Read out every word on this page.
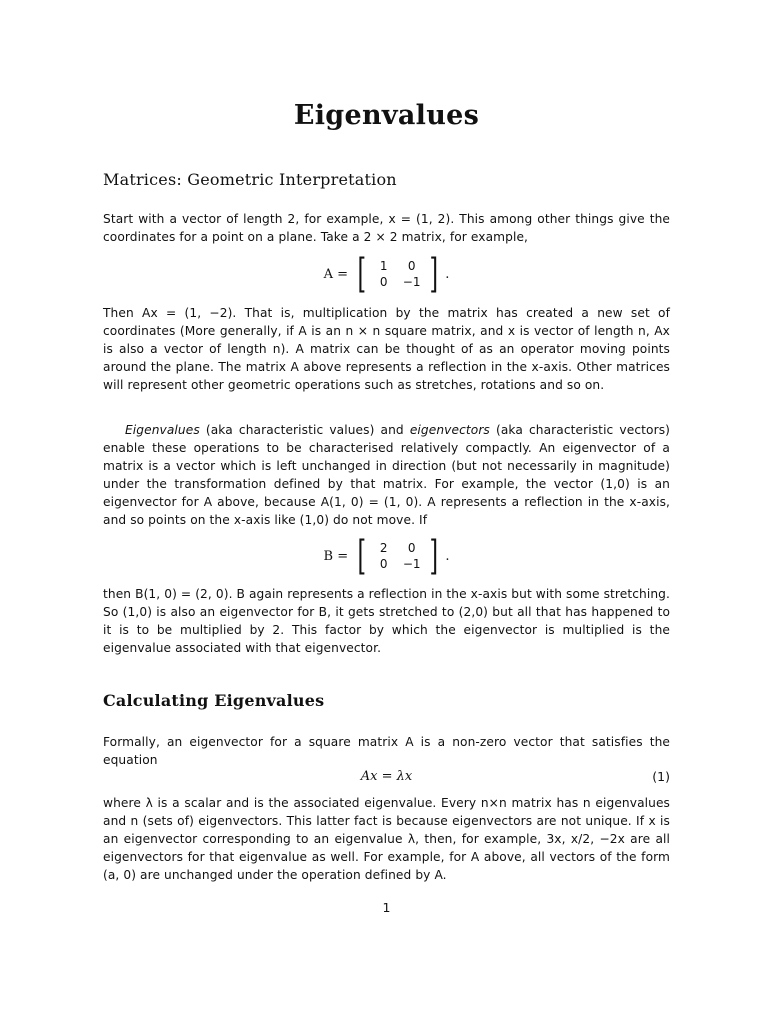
Eigenvalues
Matrices: Geometric Interpretation

Start with a vector of length 2, for example, x = (1, 2). This among other things give the coordinates for a point on a plane. Take a 2 × 2 matrix, for example,

A = [	1	0
0	−1 ] .

Then Ax = (1, −2). That is, multiplication by the matrix has created a new set of coordinates (More generally, if A is an n × n square matrix, and x is vector of length n, Ax is also a vector of length n). A matrix can be thought of as an operator moving points around the plane. The matrix A above represents a reflection in the x-axis. Other matrices will represent other geometric operations such as stretches, rotations and so on.

Eigenvalues (aka characteristic values) and eigenvectors (aka characteristic vectors) enable these operations to be characterised relatively compactly. An eigenvector of a matrix is a vector which is left unchanged in direction (but not necessarily in magnitude) under the transformation defined by that matrix. For example, the vector (1,0) is an eigenvector for A above, because A(1, 0) = (1, 0). A represents a reflection in the x-axis, and so points on the x-axis like (1,0) do not move. If

B = [	2	0
0	−1 ] .

then B(1, 0) = (2, 0). B again represents a reflection in the x-axis but with some stretching. So (1,0) is also an eigenvector for B, it gets stretched to (2,0) but all that has happened to it is to be multiplied by 2. This factor by which the eigenvector is multiplied is the eigenvalue associated with that eigenvector.

Calculating Eigenvalues

Formally, an eigenvector for a square matrix A is a non-zero vector that satisfies the equation

Ax = λx	(1)

where λ is a scalar and is the associated eigenvalue. Every n×n matrix has n eigenvalues and n (sets of) eigenvectors. This latter fact is because eigenvectors are not unique. If x is an eigenvector corresponding to an eigenvalue λ, then, for example, 3x, x/2, −2x are all eigenvectors for that eigenvalue as well. For example, for A above, all vectors of the form (a, 0) are unchanged under the operation defined by A.

1
